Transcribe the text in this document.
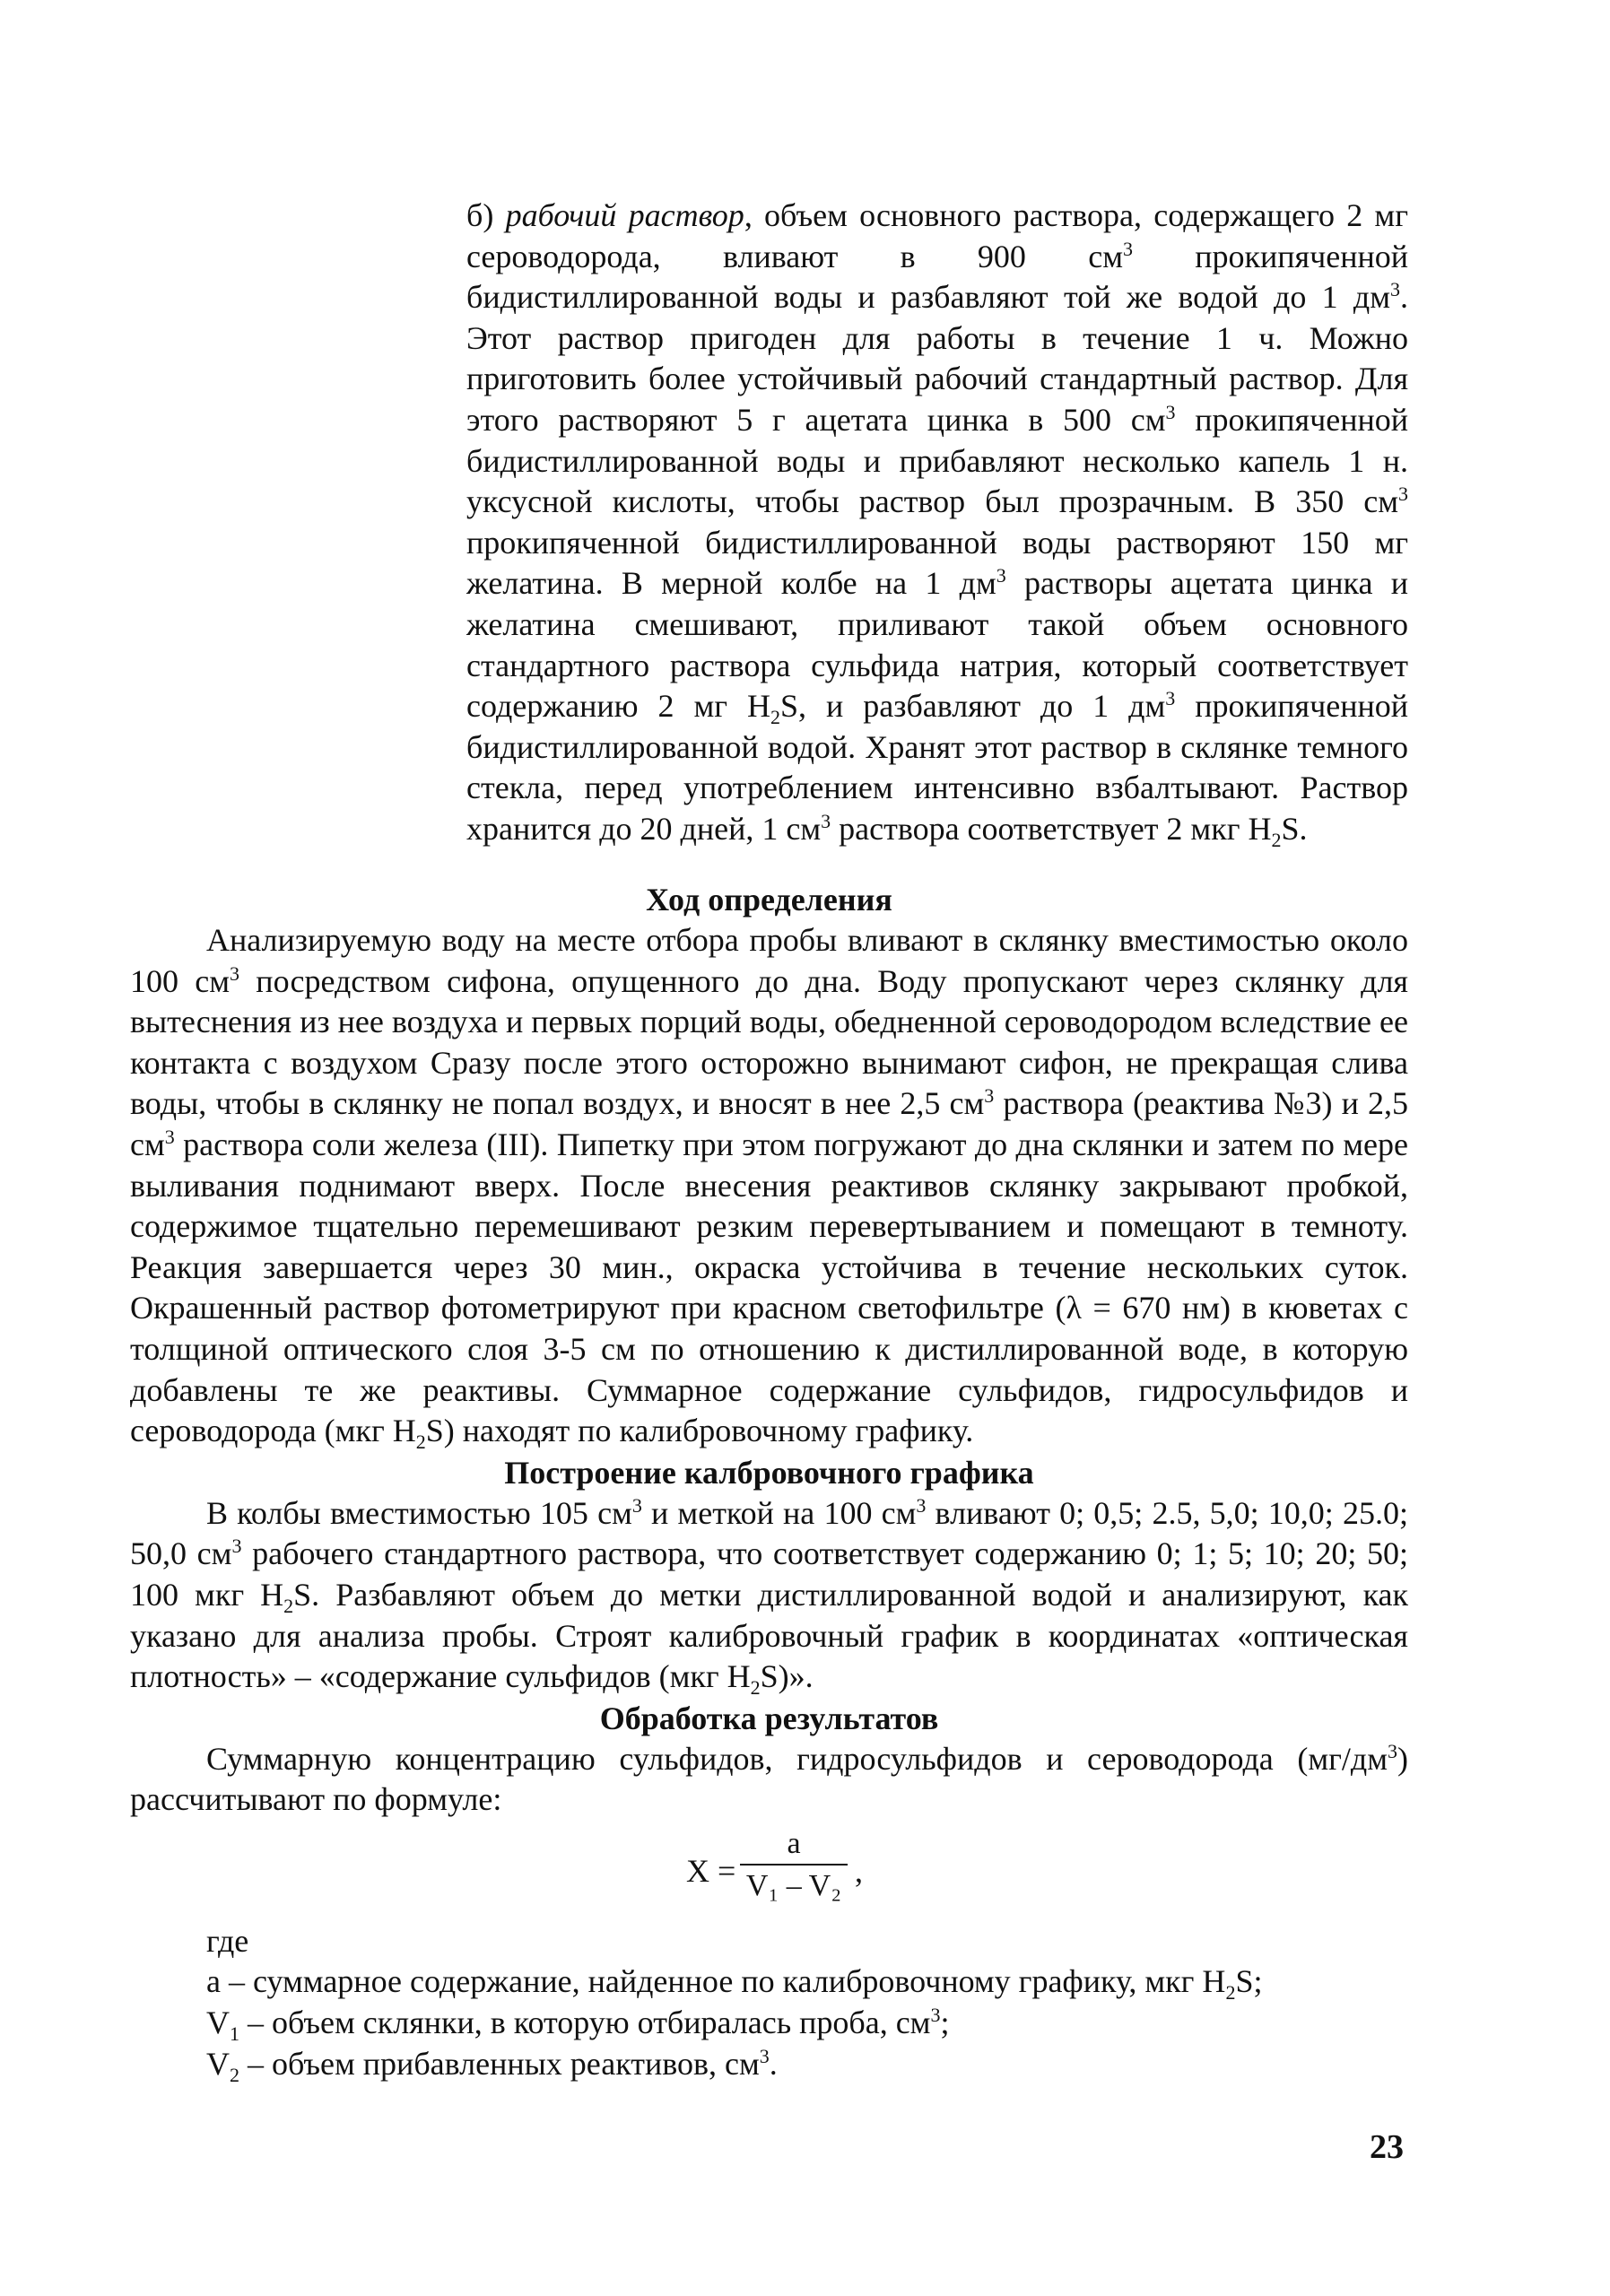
б) рабочий раствор, объем основного раствора, содержащего 2 мг сероводорода, вливают в 900 $см^3$ прокипяченной бидистиллированной воды и разбавляют той же водой до 1 $дм^3$. Этот раствор пригоден для работы в течение 1 ч. Можно приготовить более устойчивый рабочий стандартный раствор. Для этого растворяют 5 г ацетата цинка в 500 $см^3$ прокипяченной бидистиллированной воды и прибавляют несколько капель 1 н. уксусной кислоты, чтобы раствор был прозрачным. В 350 $см^3$ прокипяченной бидистиллированной воды растворяют 150 мг желатина. В мерной колбе на 1 $дм^3$ растворы ацетата цинка и желатина смешивают, приливают такой объем основного стандартного раствора сульфида натрия, который соответствует содержанию 2 мг $H_2S$, и разбавляют до 1 $дм^3$ прокипяченной бидистиллированной водой. Хранят этот раствор в склянке темного стекла, перед употреблением интенсивно взбалтывают. Раствор хранится до 20 дней, 1 $см^3$ раствора соответствует 2 мкг $H_2S$.

Ход определения

Анализируемую воду на месте отбора пробы вливают в склянку вместимостью около 100 $см^3$ посредством сифона, опущенного до дна. Воду пропускают через склянку для вытеснения из нее воздуха и первых порций воды, обедненной сероводородом вследствие ее контакта с воздухом Сразу после этого осторожно вынимают сифон, не прекращая слива воды, чтобы в склянку не попал воздух, и вносят в нее 2,5 $см^3$ раствора (реактива №3) и 2,5 $см^3$ раствора соли железа (III). Пипетку при этом погружают до дна склянки и затем по мере выливания поднимают вверх. После внесения реактивов склянку закрывают пробкой, содержимое тщательно перемешивают резким перевертыванием и помещают в темноту. Реакция завершается через 30 мин., окраска устойчива в течение нескольких суток. Окрашенный раствор фотометрируют при красном светофильтре (λ = 670 нм) в кюветах с толщиной оптического слоя 3-5 см по отношению к дистиллированной воде, в которую добавлены те же реактивы. Суммарное содержание сульфидов, гидросульфидов и сероводорода (мкг $H_2S$) находят по калибровочному графику.

Построение калбровочного графика

В колбы вместимостью 105 $см^3$ и меткой на 100 $см^3$ вливают 0; 0,5; 2.5, 5,0; 10,0; 25.0; 50,0 $см^3$ рабочего стандартного раствора, что соответствует содержанию 0; 1; 5; 10; 20; 50; 100 мкг $H_2S$. Разбавляют объем до метки дистиллированной водой и анализируют, как указано для анализа пробы. Строят калибровочный график в координатах «оптическая плотность» – «содержание сульфидов (мкг $H_2S$)».

Обработка результатов

Суммарную концентрацию сульфидов, гидросульфидов и сероводорода $(мг/дм^3)$ рассчитывают по формуле:

X =
a
V₁ – V₂ ,

где

a – суммарное содержание, найденное по калибровочному графику, мкг $H_2S$;

$V_1$ – объем склянки, в которую отбиралась проба, $см^3$;

$V_2$ – объем прибавленных реактивов, $см^3$.

23
